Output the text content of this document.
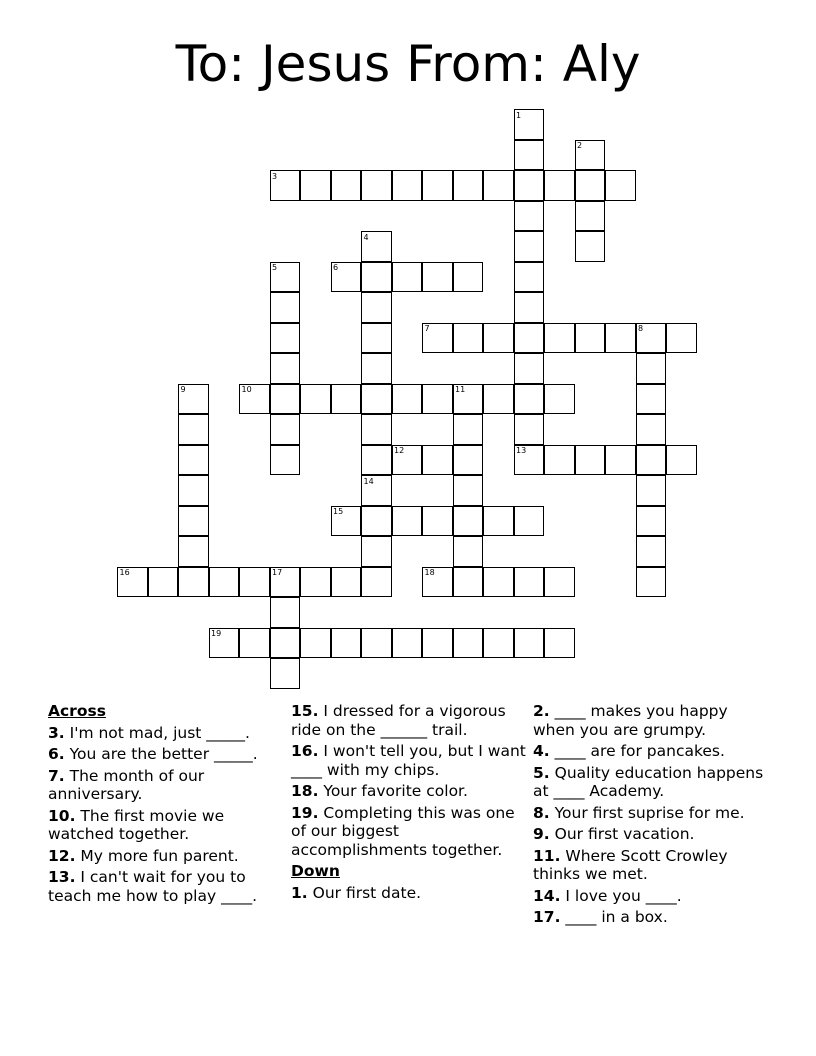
To: Jesus From: Aly
3
6
7
10
12	13
15
16	18
19
1
2
4
5
8
9	11
14
17
Across
3. I'm not mad, just _____.
6. You are the better _____.
7. The month of our anniversary.
10. The first movie we watched together.
12. My more fun parent.
13. I can't wait for you to teach me how to play ____.
15. I dressed for a vigorous ride on the ______ trail.
16. I won't tell you, but I want ____ with my chips.
18. Your favorite color.
19. Completing this was one of our biggest accomplishments together.
Down
1. Our first date.
2. ____ makes you happy when you are grumpy.
4. ____ are for pancakes.
5. Quality education happens at ____ Academy.
8. Your first suprise for me.
9. Our first vacation.
11. Where Scott Crowley thinks we met.
14. I love you ____.
17. ____ in a box.
